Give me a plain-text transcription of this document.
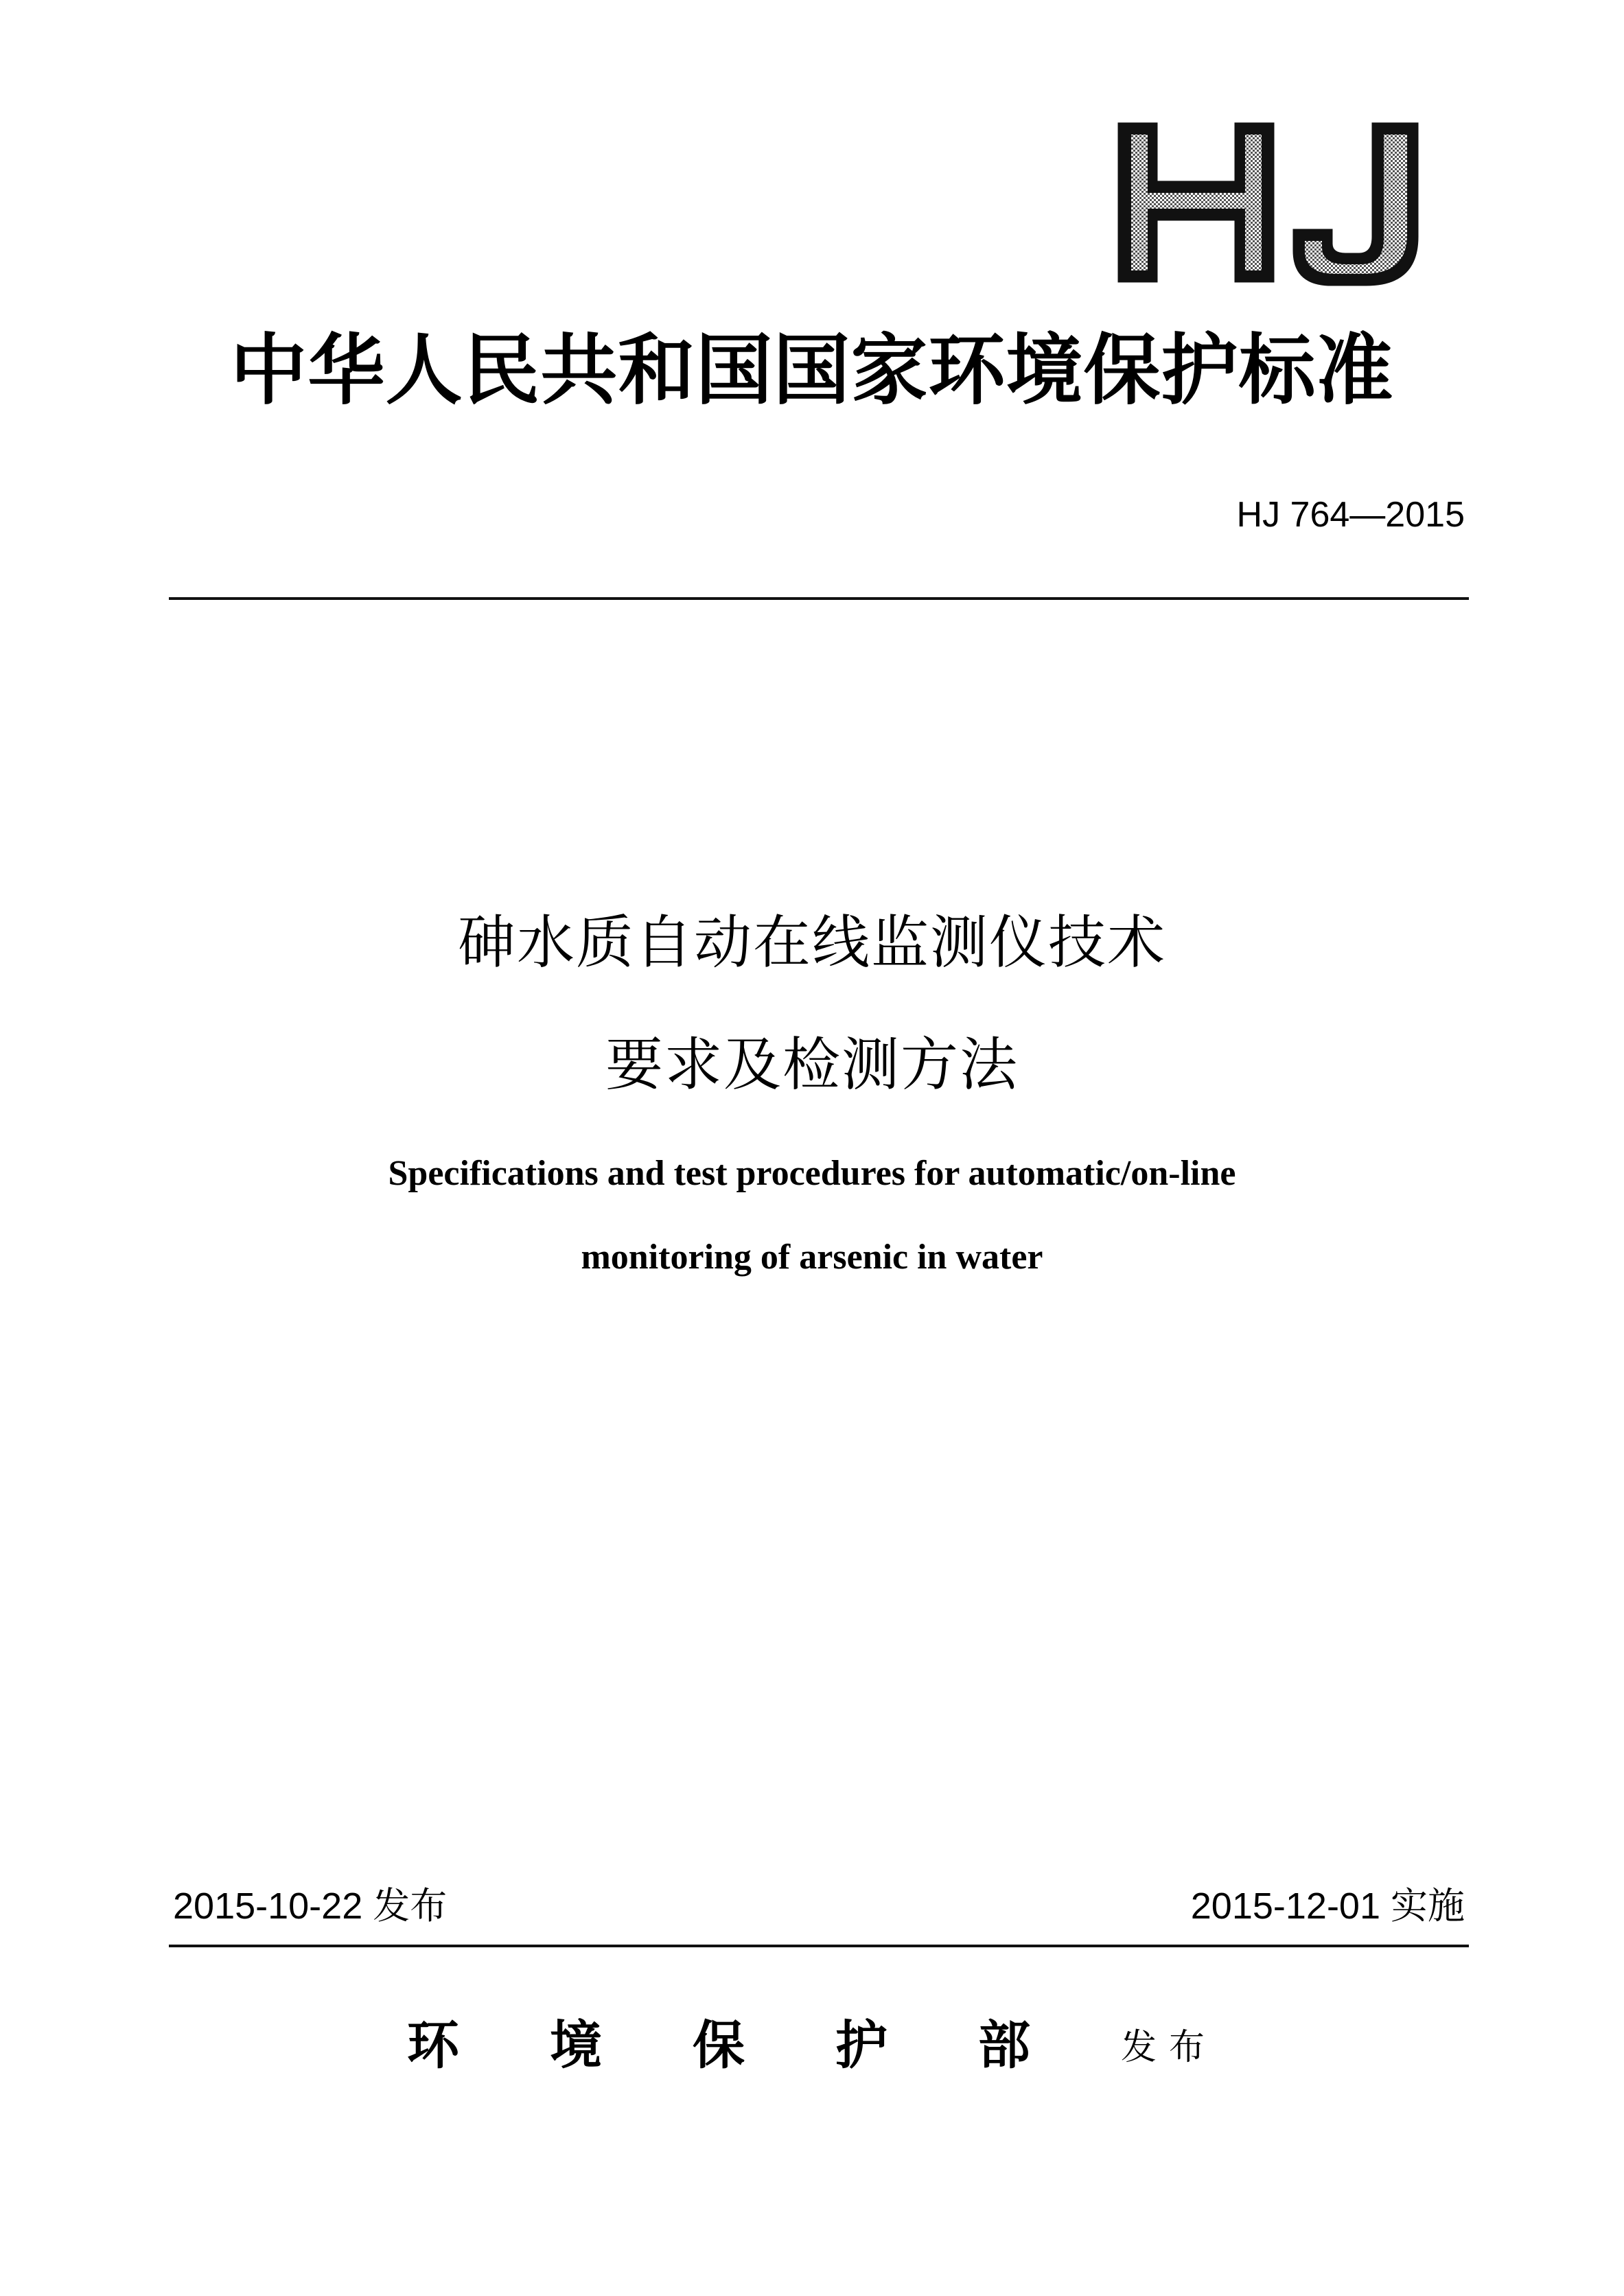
中华人民共和国国家环境保护标准
HJ 764—2015
砷水质自动在线监测仪技术
要求及检测方法
Specifications and test procedures for automatic/on-line
monitoring of arsenic in water
2015-10-22 发布	2015-12-01 实施
环境保护部发布
